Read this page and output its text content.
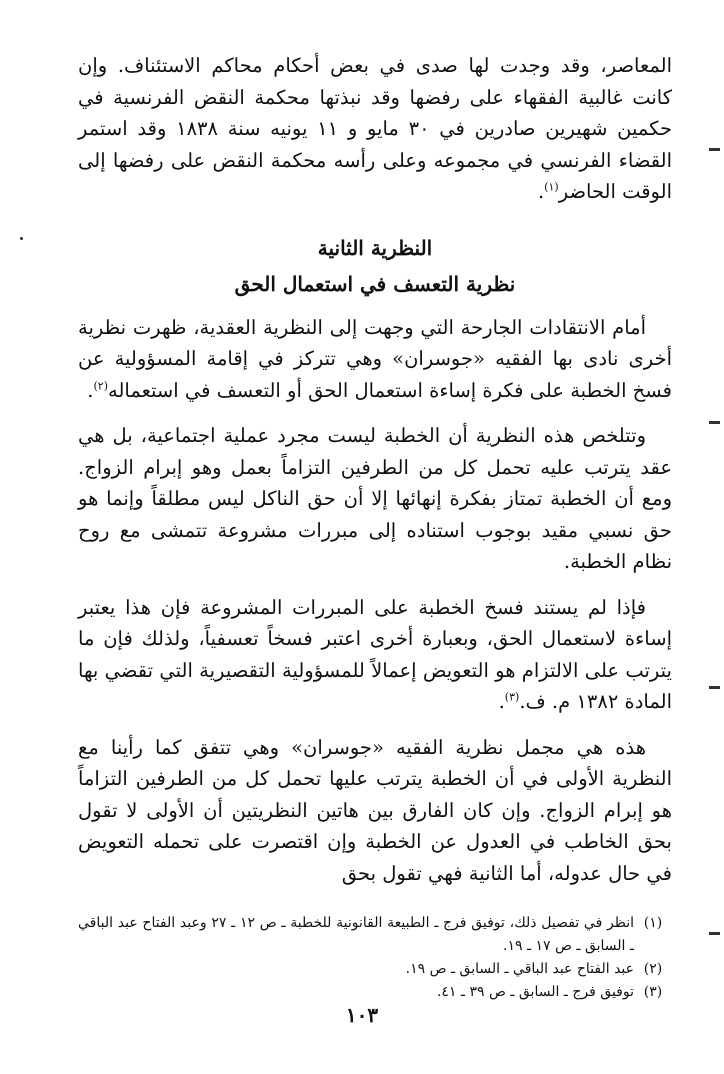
المعاصر، وقد وجدت لها صدى في بعض أحكام محاكم الاستئناف. وإن كانت غالبية الفقهاء على رفضها وقد نبذتها محكمة النقض الفرنسية في حكمين شهيرين صادرين في ٣٠ مايو و ١١ يونيه سنة ١٨٣٨ وقد استمر القضاء الفرنسي في مجموعه وعلى رأسه محكمة النقض على رفضها إلى الوقت الحاضر$^{(١)}$.

النظرية الثانية
نظرية التعسف في استعمال الحق

أمام الانتقادات الجارحة التي وجهت إلى النظرية العقدية، ظهرت نظرية أخرى نادى بها الفقيه «جوسران» وهي تتركز في إقامة المسؤولية عن فسخ الخطبة على فكرة إساءة استعمال الحق أو التعسف في استعماله$^{(٢)}$.

وتتلخص هذه النظرية أن الخطبة ليست مجرد عملية اجتماعية، بل هي عقد يترتب عليه تحمل كل من الطرفين التزاماً بعمل وهو إبرام الزواج. ومع أن الخطبة تمتاز بفكرة إنهائها إلا أن حق الناكل ليس مطلقاً وإنما هو حق نسبي مقيد بوجوب استناده إلى مبررات مشروعة تتمشى مع روح نظام الخطبة.

فإذا لم يستند فسخ الخطبة على المبررات المشروعة فإن هذا يعتبر إساءة لاستعمال الحق، وبعبارة أخرى اعتبر فسخاً تعسفياً، ولذلك فإن ما يترتب على الالتزام هو التعويض إعمالاً للمسؤولية التقصيرية التي تقضي بها المادة ١٣٨٢ م. ف.$^{(٣)}$.

هذه هي مجمل نظرية الفقيه «جوسران» وهي تتفق كما رأينا مع النظرية الأولى في أن الخطبة يترتب عليها تحمل كل من الطرفين التزاماً هو إبرام الزواج. وإن كان الفارق بين هاتين النظريتين أن الأولى لا تقول بحق الخاطب في العدول عن الخطبة وإن اقتصرت على تحمله التعويض في حال عدوله، أما الثانية فهي تقول بحق

(١)
انظر في تفصيل ذلك، توفيق فرج ـ الطبيعة القانونية للخطبة ـ ص ١٢ ـ ٢٧ وعبد الفتاح عبد الباقي ـ السابق ـ ص ١٧ ـ ١٩.
(٢)
عبد الفتاح عبد الباقي ـ السابق ـ ص ١٩.
(٣)
توفيق فرج ـ السابق ـ ص ٣٩ ـ ٤١.
١٠٣
